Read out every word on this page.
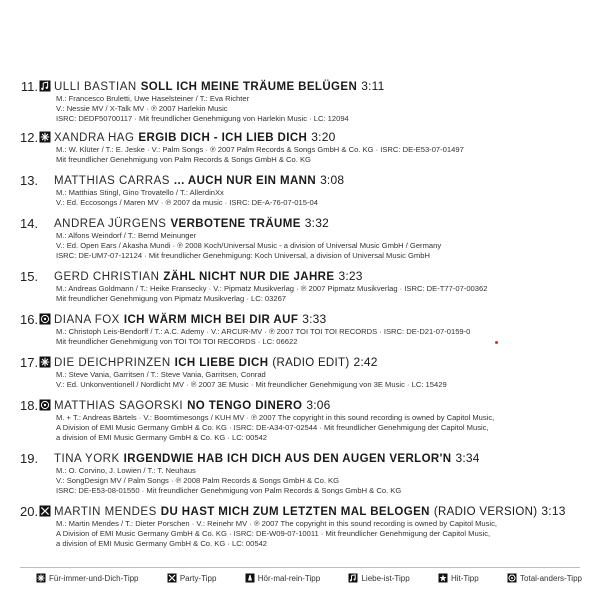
11. ULLI BASTIAN SOLL ICH MEINE TRÄUME BELÜGEN 3:11
M.: Francesco Bruletti, Uwe Haselsteiner / T.: Eva Richter
V.: Nessie MV / X-Talk MV · ℗ 2007 Harlekin Music
ISRC: DEDF50700117 · Mit freundlicher Genehmigung von Harlekin Music · LC: 12094
12. XANDRA HAG ERGIB DICH - ICH LIEB DICH 3:20
M.: W. Klüter / T.: E. Jeske · V.: Palm Songs · ℗ 2007 Palm Records & Songs GmbH & Co. KG · ISRC: DE-E53-07-01497
Mit freundlicher Genehmigung von Palm Records & Songs GmbH & Co. KG
13. MATTHIAS CARRAS ... AUCH NUR EIN MANN 3:08
M.: Matthias Stingl, Gino Trovatello / T.: AllerdinXx
V.: Ed. Eccosongs / Maren MV · ℗ 2007 da music · ISRC: DE-A-76-07-015-04
14. ANDREA JÜRGENS VERBOTENE TRÄUME 3:32
M.: Alfons Weindorf / T.: Bernd Meinunger
V.: Ed. Open Ears / Akasha Mundi · ℗ 2008 Koch/Universal Music - a division of Universal Music GmbH / Germany
ISRC: DE-UM7-07-12124 · Mit freundlicher Genehmigung: Koch Universal, a division of Universal Music GmbH
15. GERD CHRISTIAN ZÄHL NICHT NUR DIE JAHRE 3:23
M.: Andreas Goldmann / T.: Heike Fransecky · V.: Pipmatz Musikverlag · ℗ 2007 Pipmatz Musikverlag · ISRC: DE-T77-07-00362
Mit freundlicher Genehmigung von Pipmatz Musikverlag · LC: 03267
16. DIANA FOX ICH WÄRM MICH BEI DIR AUF 3:33
M.: Christoph Leis-Bendorff / T.: A.C. Ademy · V.: ARCUR-MV · ℗ 2007 TOI TOI TOI RECORDS · ISRC: DE-D21-07-0159-0
Mit freundlicher Genehmigung von TOI TOI TOI RECORDS · LC: 06622
17. DIE DEICHPRINZEN ICH LIEBE DICH (RADIO EDIT) 2:42
M.: Steve Vania, Garritsen / T.: Steve Vania, Garritsen, Conrad
V.: Ed. Unkonventionell / Nordlicht MV · ℗ 2007 3E Music · Mit freundlicher Genehmigung von 3E Music · LC: 15429
18. MATTHIAS SAGORSKI NO TENGO DINERO 3:06
M. + T.: Andreas Bärtels · V.: Boomtimesongs / KUH MV · ℗ 2007 The copyright in this sound recording is owned by Capitol Music,
A Division of EMI Music Germany GmbH & Co. KG · ISRC: DE-A34-07-02544 · Mit freundlicher Genehmigung der Capitol Music,
a division of EMI Music Germany GmbH & Co. KG · LC: 00542
19. TINA YORK IRGENDWIE HAB ICH DICH AUS DEN AUGEN VERLOR'N 3:34
M.: O. Corvino, J. Lowien / T.: T. Neuhaus
V.: SongDesign MV / Palm Songs · ℗ 2008 Palm Records & Songs GmbH & Co. KG
ISRC: DE-E53-08-01550 · Mit freundlicher Genehmigung von Palm Records & Songs GmbH & Co. KG
20. MARTIN MENDES DU HAST MICH ZUM LETZTEN MAL BELOGEN (RADIO VERSION) 3:13
M.: Martin Mendes / T.: Dieter Porschen · V.: Reinehr MV · ℗ 2007 The copyright in this sound recording is owned by Capitol Music,
A Division of EMI Music Germany GmbH & Co. KG · ISRC: DE-W09-07-10011 · Mit freundlicher Genehmigung der Capitol Music,
a division of EMI Music Germany GmbH & Co. KG · LC: 00542
Für-immer-und-Dich-Tipp	Party-Tipp	Hör-mal-rein-Tipp	Liebe-ist-Tipp	Hit-Tipp	Total-anders-Tipp
